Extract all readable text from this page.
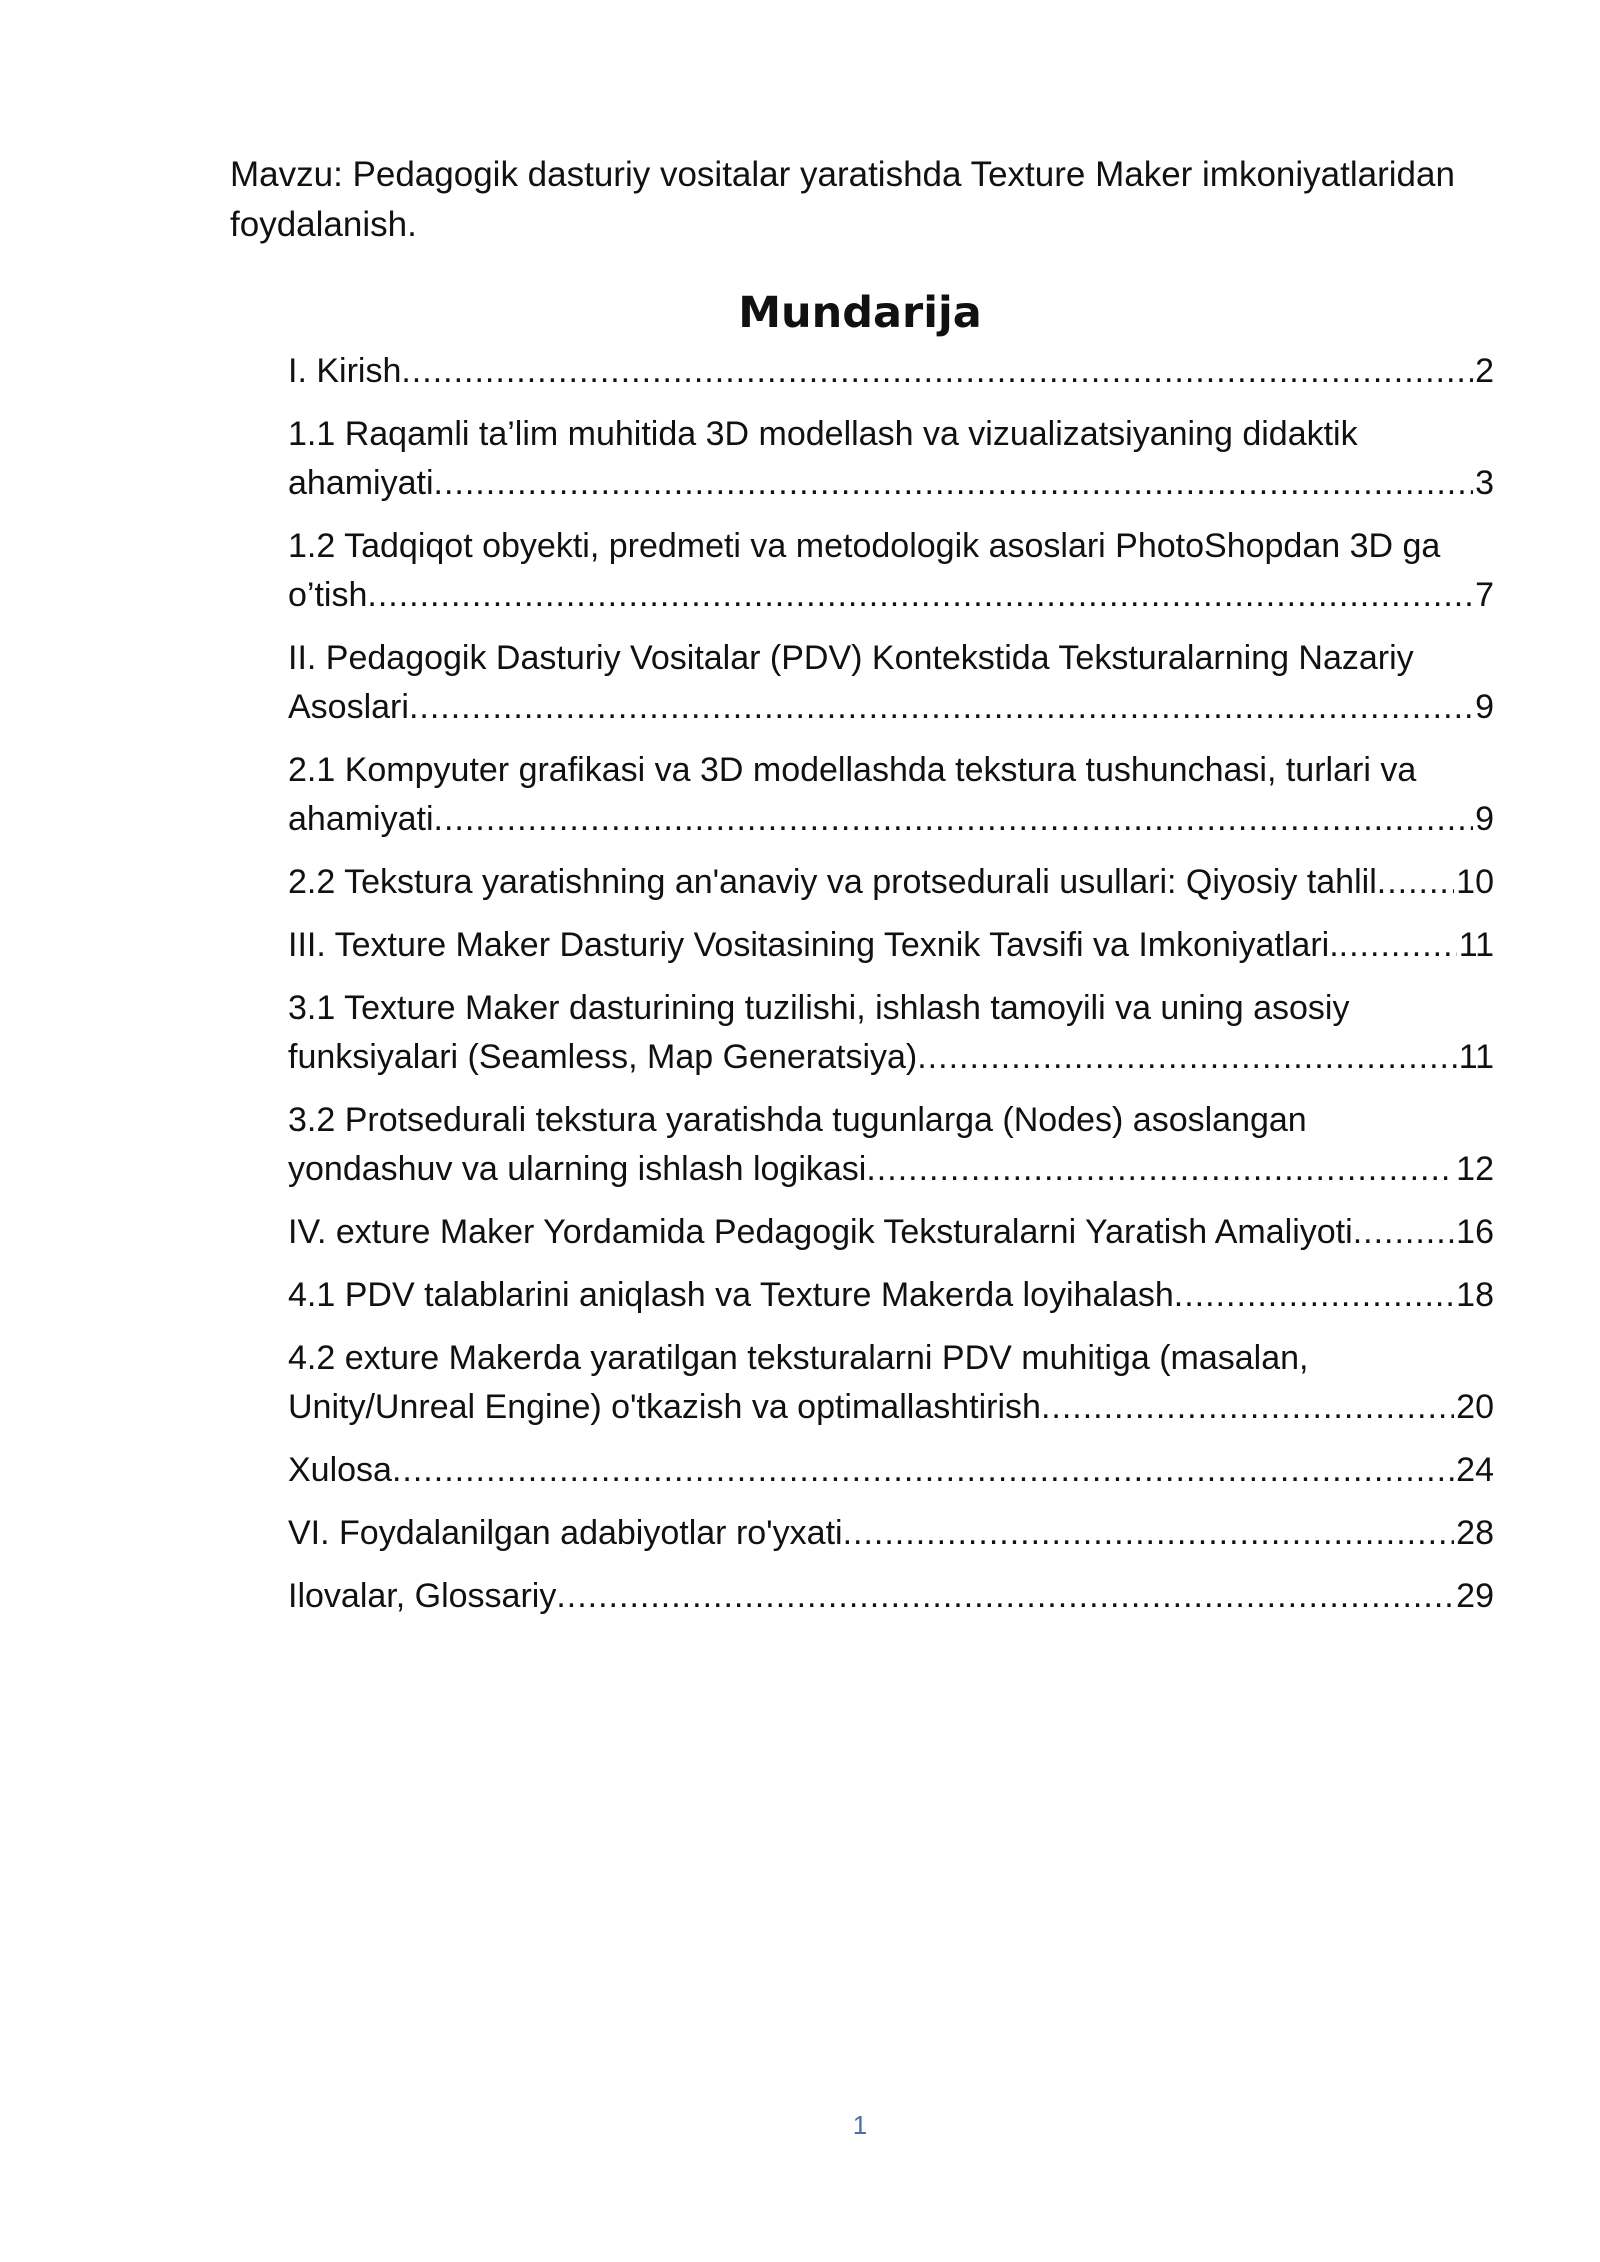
Mavzu: Pedagogik dasturiy vositalar yaratishda Texture Maker imkoniyatlaridan foydalanish.

Mundarija
I. Kirish .....	2
1.1 Raqamli ta’lim muhitida 3D modellash va vizualizatsiyaning didaktik
ahamiyati .....	3
1.2 Tadqiqot obyekti, predmeti va metodologik asoslari PhotoShopdan 3D ga
o’tish .....	7
II. Pedagogik Dasturiy Vositalar (PDV) Kontekstida Teksturalarning Nazariy
Asoslari .....	9
2.1 Kompyuter grafikasi va 3D modellashda tekstura tushunchasi, turlari va
ahamiyati .....	9
2.2 Tekstura yaratishning an'anaviy va protsedurali usullari: Qiyosiy tahlil ..... 10
III. Texture Maker Dasturiy Vositasining Texnik Tavsifi va Imkoniyatlari. .....	11
3.1 Texture Maker dasturining tuzilishi, ishlash tamoyili va uning asosiy
funksiyalari (Seamless, Map Generatsiya) .....	11
3.2 Protsedurali tekstura yaratishda tugunlarga (Nodes) asoslangan
yondashuv va ularning ishlash logikasi .....	12
IV. exture Maker Yordamida Pedagogik Teksturalarni Yaratish Amaliyoti .....	16
4.1 PDV talablarini aniqlash va Texture Makerda loyihalash .....	18
4.2 exture Makerda yaratilgan teksturalarni PDV muhitiga (masalan,
Unity/Unreal Engine) o'tkazish va optimallashtirish .....	20
Xulosa .....	24
VI. Foydalanilgan adabiyotlar ro'yxati .....	28
Ilovalar, Glossariy .....	29
1
